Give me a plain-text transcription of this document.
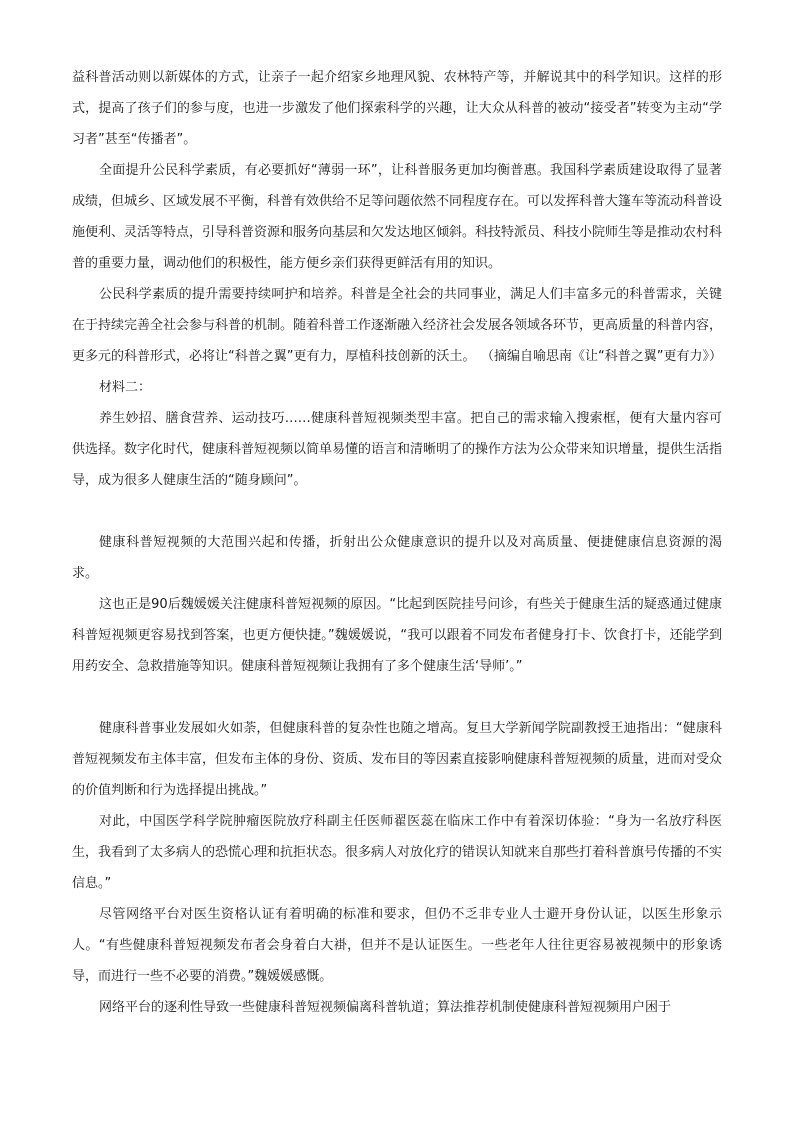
益科普活动则以新媒体的方式，让亲子一起介绍家乡地理风貌、农林特产等，并解说其中的科学知识。这样的形式，提高了孩子们的参与度，也进一步激发了他们探索科学的兴趣，让大众从科普的被动“接受者”转变为主动“学习者”甚至“传播者”。

全面提升公民科学素质，有必要抓好“薄弱一环”，让科普服务更加均衡普惠。我国科学素质建设取得了显著成绩，但城乡、区域发展不平衡，科普有效供给不足等问题依然不同程度存在。可以发挥科普大篷车等流动科普设施便利、灵活等特点，引导科普资源和服务向基层和欠发达地区倾斜。科技特派员、科技小院师生等是推动农村科普的重要力量，调动他们的积极性，能方便乡亲们获得更鲜活有用的知识。

公民科学素质的提升需要持续呵护和培养。科普是全社会的共同事业，满足人们丰富多元的科普需求，关键在于持续完善全社会参与科普的机制。随着科普工作逐渐融入经济社会发展各领域各环节，更高质量的科普内容，更多元的科普形式，必将让“科普之翼”更有力，厚植科技创新的沃土。 （摘编自喻思南《让“科普之翼”更有力》）

材料二：

养生妙招、膳食营养、运动技巧……健康科普短视频类型丰富。把自己的需求输入搜索框，便有大量内容可供选择。数字化时代，健康科普短视频以简单易懂的语言和清晰明了的操作方法为公众带来知识增量，提供生活指导，成为很多人健康生活的“随身顾问”。

健康科普短视频的大范围兴起和传播，折射出公众健康意识的提升以及对高质量、便捷健康信息资源的渴求。

这也正是90后魏媛媛关注健康科普短视频的原因。“比起到医院挂号问诊，有些关于健康生活的疑惑通过健康科普短视频更容易找到答案，也更方便快捷。”魏媛媛说，“我可以跟着不同发布者健身打卡、饮食打卡，还能学到用药安全、急救措施等知识。健康科普短视频让我拥有了多个健康生活‘导师’。”

健康科普事业发展如火如荼，但健康科普的复杂性也随之增高。复旦大学新闻学院副教授王迪指出：“健康科普短视频发布主体丰富，但发布主体的身份、资质、发布目的等因素直接影响健康科普短视频的质量，进而对受众的价值判断和行为选择提出挑战。”

对此，中国医学科学院肿瘤医院放疗科副主任医师翟医蕊在临床工作中有着深切体验：“身为一名放疗科医生，我看到了太多病人的恐慌心理和抗拒状态。很多病人对放化疗的错误认知就来自那些打着科普旗号传播的不实信息。”

尽管网络平台对医生资格认证有着明确的标准和要求，但仍不乏非专业人士避开身份认证，以医生形象示人。“有些健康科普短视频发布者会身着白大褂，但并不是认证医生。一些老年人往往更容易被视频中的形象诱导，而进行一些不必要的消费。”魏媛媛感慨。

网络平台的逐利性导致一些健康科普短视频偏离科普轨道；算法推荐机制使健康科普短视频用户困于
